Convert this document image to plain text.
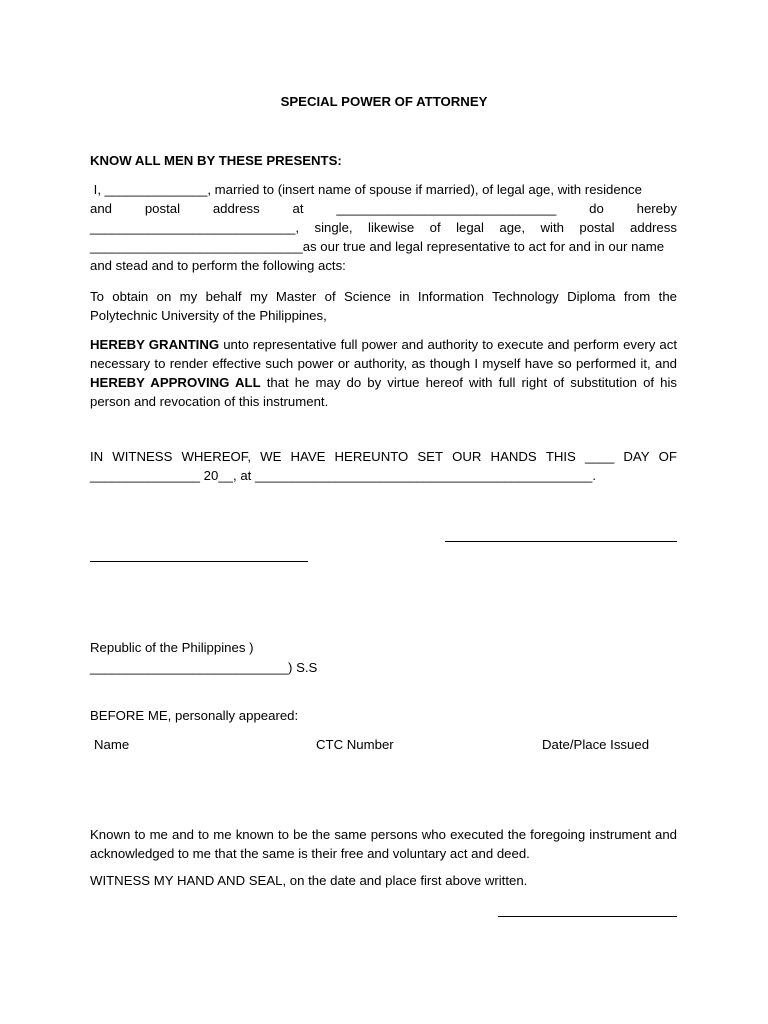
SPECIAL POWER OF ATTORNEY
KNOW ALL MEN BY THESE PRESENTS:
I, ______________, married to (insert name of spouse if married), of legal age, with residence
and postal address at ______________________________ do hereby
____________________________, single, likewise of legal age, with postal address
_____________________________as our true and legal representative to act for and in our name
and stead and to perform the following acts:
To obtain on my behalf my Master of Science in Information Technology Diploma from the Polytechnic University of the Philippines,
HEREBY GRANTING unto representative full power and authority to execute and perform every act necessary to render effective such power or authority, as though I myself have so performed it, and HEREBY APPROVING ALL that he may do by virtue hereof with full right of substitution of his person and revocation of this instrument.
IN WITNESS WHEREOF, WE HAVE HEREUNTO SET OUR HANDS THIS ____ DAY OF
_______________ 20__, at ______________________________________________.
Republic of the Philippines )
___________________________) S.S
BEFORE ME, personally appeared:
Name	CTC Number	Date/Place Issued
Known to me and to me known to be the same persons who executed the foregoing instrument and acknowledged to me that the same is their free and voluntary act and deed.
WITNESS MY HAND AND SEAL, on the date and place first above written.
